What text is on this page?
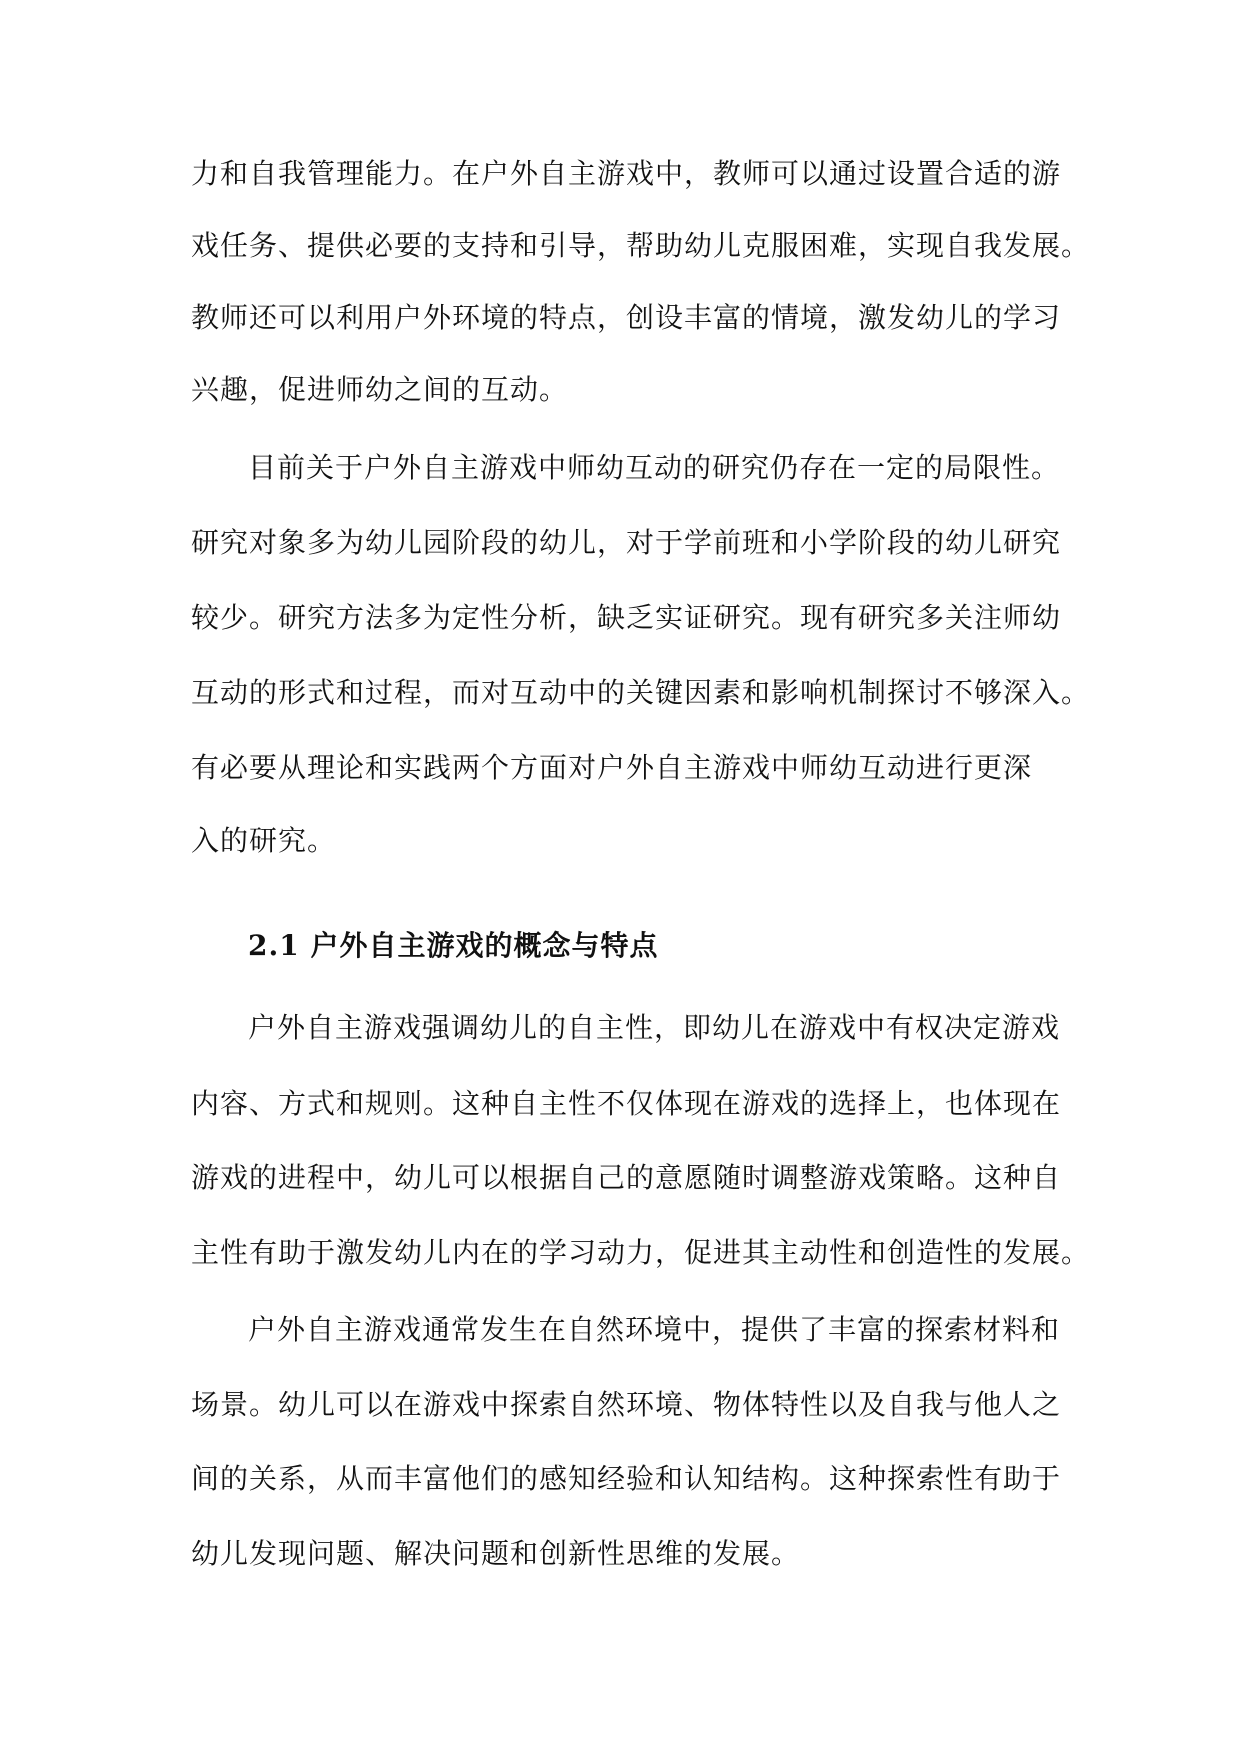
力和自我管理能力。在户外自主游戏中，教师可以通过设置合适的游
戏任务、提供必要的支持和引导，帮助幼儿克服困难，实现自我发展。
教师还可以利用户外环境的特点，创设丰富的情境，激发幼儿的学习
兴趣，促进师幼之间的互动。
目前关于户外自主游戏中师幼互动的研究仍存在一定的局限性。
研究对象多为幼儿园阶段的幼儿，对于学前班和小学阶段的幼儿研究
较少。研究方法多为定性分析，缺乏实证研究。现有研究多关注师幼
互动的形式和过程，而对互动中的关键因素和影响机制探讨不够深入。
有必要从理论和实践两个方面对户外自主游戏中师幼互动进行更深
入的研究。
2.1 户外自主游戏的概念与特点
户外自主游戏强调幼儿的自主性，即幼儿在游戏中有权决定游戏
内容、方式和规则。这种自主性不仅体现在游戏的选择上，也体现在
游戏的进程中，幼儿可以根据自己的意愿随时调整游戏策略。这种自
主性有助于激发幼儿内在的学习动力，促进其主动性和创造性的发展。
户外自主游戏通常发生在自然环境中，提供了丰富的探索材料和
场景。幼儿可以在游戏中探索自然环境、物体特性以及自我与他人之
间的关系，从而丰富他们的感知经验和认知结构。这种探索性有助于
幼儿发现问题、解决问题和创新性思维的发展。
